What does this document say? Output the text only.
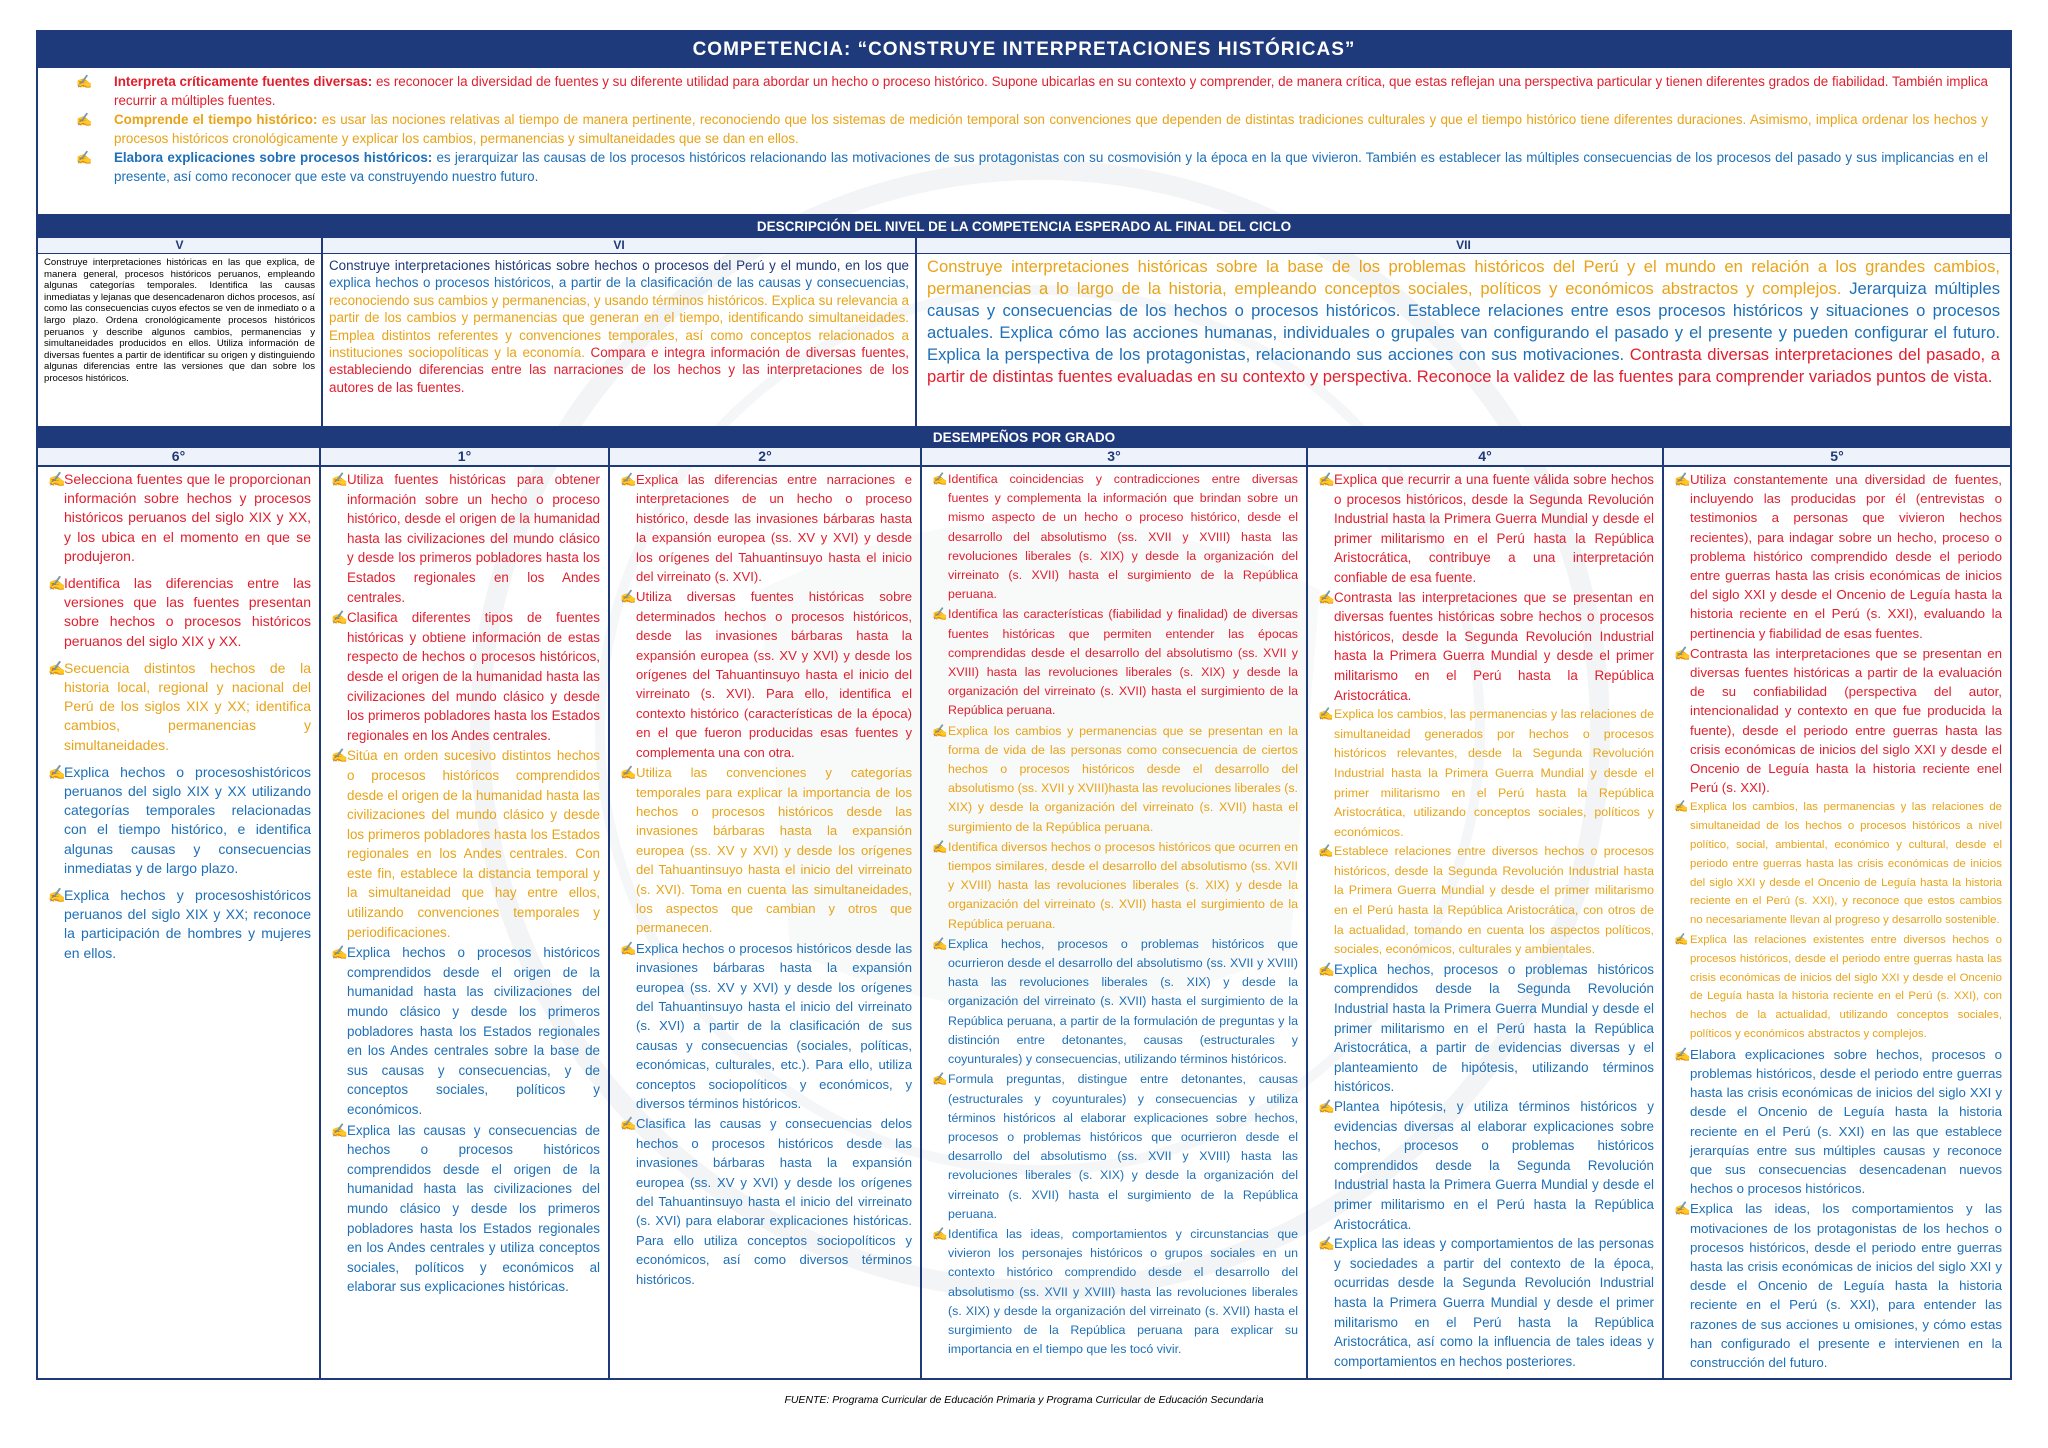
COMPETENCIA: “CONSTRUYE INTERPRETACIONES HISTÓRICAS”
✍ Interpreta críticamente fuentes diversas: es reconocer la diversidad de fuentes y su diferente utilidad para abordar un hecho o proceso histórico. Supone ubicarlas en su contexto y comprender, de manera crítica, que estas reflejan una perspectiva particular y tienen diferentes grados de fiabilidad. También implica recurrir a múltiples fuentes.
✍ Comprende el tiempo histórico: es usar las nociones relativas al tiempo de manera pertinente, reconociendo que los sistemas de medición temporal son convenciones que dependen de distintas tradiciones culturales y que el tiempo histórico tiene diferentes duraciones. Asimismo, implica ordenar los hechos y procesos históricos cronológicamente y explicar los cambios, permanencias y simultaneidades que se dan en ellos.
✍ Elabora explicaciones sobre procesos históricos: es jerarquizar las causas de los procesos históricos relacionando las motivaciones de sus protagonistas con su cosmovisión y la época en la que vivieron. También es establecer las múltiples consecuencias de los procesos del pasado y sus implicancias en el presente, así como reconocer que este va construyendo nuestro futuro.
DESCRIPCIÓN DEL NIVEL DE LA COMPETENCIA ESPERADO AL FINAL DEL CICLO
V
Construye interpretaciones históricas en las que explica, de manera general, procesos históricos peruanos, empleando algunas categorías temporales. Identifica las causas inmediatas y lejanas que desencadenaron dichos procesos, así como las consecuencias cuyos efectos se ven de inmediato o a largo plazo. Ordena cronológicamente procesos históricos peruanos y describe algunos cambios, permanencias y simultaneidades producidos en ellos. Utiliza información de diversas fuentes a partir de identificar su origen y distinguiendo algunas diferencias entre las versiones que dan sobre los procesos históricos.
VI
Construye interpretaciones históricas sobre hechos o procesos del Perú y el mundo, en los que explica hechos o procesos históricos, a partir de la clasificación de las causas y consecuencias, reconociendo sus cambios y permanencias, y usando términos históricos. Explica su relevancia a partir de los cambios y permanencias que generan en el tiempo, identificando simultaneidades. Emplea distintos referentes y convenciones temporales, así como conceptos relacionados a instituciones sociopolíticas y la economía. Compara e integra información de diversas fuentes, estableciendo diferencias entre las narraciones de los hechos y las interpretaciones de los autores de las fuentes.
VII
Construye interpretaciones históricas sobre la base de los problemas históricos del Perú y el mundo en relación a los grandes cambios, permanencias a lo largo de la historia, empleando conceptos sociales, políticos y económicos abstractos y complejos. Jerarquiza múltiples causas y consecuencias de los hechos o procesos históricos. Establece relaciones entre esos procesos históricos y situaciones o procesos actuales. Explica cómo las acciones humanas, individuales o grupales van configurando el pasado y el presente y pueden configurar el futuro. Explica la perspectiva de los protagonistas, relacionando sus acciones con sus motivaciones. Contrasta diversas interpretaciones del pasado, a partir de distintas fuentes evaluadas en su contexto y perspectiva. Reconoce la validez de las fuentes para comprender variados puntos de vista.
DESEMPEÑOS POR GRADO
6°
✍
Selecciona fuentes que le proporcionan información sobre hechos y procesos históricos peruanos del siglo XIX y XX, y los ubica en el momento en que se produjeron.
✍
Identifica las diferencias entre las versiones que las fuentes presentan sobre hechos o procesos históricos peruanos del siglo XIX y XX.
✍
Secuencia distintos hechos de la historia local, regional y nacional del Perú de los siglos XIX y XX; identifica cambios, permanencias y simultaneidades.
✍
Explica hechos o procesoshistóricos peruanos del siglo XIX y XX utilizando categorías temporales relacionadas con el tiempo histórico, e identifica algunas causas y consecuencias inmediatas y de largo plazo.
✍
Explica hechos y procesoshistóricos peruanos del siglo XIX y XX; reconoce la participación de hombres y mujeres en ellos.
1°
✍ Utiliza fuentes históricas para obtener información sobre un hecho o proceso histórico, desde el origen de la humanidad hasta las civilizaciones del mundo clásico y desde los primeros pobladores hasta los Estados regionales en los Andes centrales.
✍ Clasifica diferentes tipos de fuentes históricas y obtiene información de estas respecto de hechos o procesos históricos, desde el origen de la humanidad hasta las civilizaciones del mundo clásico y desde los primeros pobladores hasta los Estados regionales en los Andes centrales.
✍ Sitúa en orden sucesivo distintos hechos o procesos históricos comprendidos desde el origen de la humanidad hasta las civilizaciones del mundo clásico y desde los primeros pobladores hasta los Estados regionales en los Andes centrales. Con este fin, establece la distancia temporal y la simultaneidad que hay entre ellos, utilizando convenciones temporales y periodificaciones.
✍ Explica hechos o procesos históricos comprendidos desde el origen de la humanidad hasta las civilizaciones del mundo clásico y desde los primeros pobladores hasta los Estados regionales en los Andes centrales sobre la base de sus causas y consecuencias, y de conceptos sociales, políticos y económicos.
✍ Explica las causas y consecuencias de hechos o procesos históricos comprendidos desde el origen de la humanidad hasta las civilizaciones del mundo clásico y desde los primeros pobladores hasta los Estados regionales en los Andes centrales y utiliza conceptos sociales, políticos y económicos al elaborar sus explicaciones históricas.
2°
✍ Explica las diferencias entre narraciones e interpretaciones de un hecho o proceso histórico, desde las invasiones bárbaras hasta la expansión europea (ss. XV y XVI) y desde los orígenes del Tahuantinsuyo hasta el inicio del virreinato (s. XVI).
✍ Utiliza diversas fuentes históricas sobre determinados hechos o procesos históricos, desde las invasiones bárbaras hasta la expansión europea (ss. XV y XVI) y desde los orígenes del Tahuantinsuyo hasta el inicio del virreinato (s. XVI). Para ello, identifica el contexto histórico (características de la época) en el que fueron producidas esas fuentes y complementa una con otra.
✍ Utiliza las convenciones y categorías temporales para explicar la importancia de los hechos o procesos históricos desde las invasiones bárbaras hasta la expansión europea (ss. XV y XVI) y desde los orígenes del Tahuantinsuyo hasta el inicio del virreinato (s. XVI). Toma en cuenta las simultaneidades, los aspectos que cambian y otros que permanecen.
✍ Explica hechos o procesos históricos desde las invasiones bárbaras hasta la expansión europea (ss. XV y XVI) y desde los orígenes del Tahuantinsuyo hasta el inicio del virreinato (s. XVI) a partir de la clasificación de sus causas y consecuencias (sociales, políticas, económicas, culturales, etc.). Para ello, utiliza conceptos sociopolíticos y económicos, y diversos términos históricos.
✍ Clasifica las causas y consecuencias delos hechos o procesos históricos desde las invasiones bárbaras hasta la expansión europea (ss. XV y XVI) y desde los orígenes del Tahuantinsuyo hasta el inicio del virreinato (s. XVI) para elaborar explicaciones históricas. Para ello utiliza conceptos sociopolíticos y económicos, así como diversos términos históricos.
3°
✍ Identifica coincidencias y contradicciones entre diversas fuentes y complementa la información que brindan sobre un mismo aspecto de un hecho o proceso histórico, desde el desarrollo del absolutismo (ss. XVII y XVIII) hasta las revoluciones liberales (s. XIX) y desde la organización del virreinato (s. XVII) hasta el surgimiento de la República peruana.
✍ Identifica las características (fiabilidad y finalidad) de diversas fuentes históricas que permiten entender las épocas comprendidas desde el desarrollo del absolutismo (ss. XVII y XVIII) hasta las revoluciones liberales (s. XIX) y desde la organización del virreinato (s. XVII) hasta el surgimiento de la República peruana.
✍ Explica los cambios y permanencias que se presentan en la forma de vida de las personas como consecuencia de ciertos hechos o procesos históricos desde el desarrollo del absolutismo (ss. XVII y XVIII)hasta las revoluciones liberales (s. XIX) y desde la organización del virreinato (s. XVII) hasta el surgimiento de la República peruana.
✍ Identifica diversos hechos o procesos históricos que ocurren en tiempos similares, desde el desarrollo del absolutismo (ss. XVII y XVIII) hasta las revoluciones liberales (s. XIX) y desde la organización del virreinato (s. XVII) hasta el surgimiento de la República peruana.
✍ Explica hechos, procesos o problemas históricos que ocurrieron desde el desarrollo del absolutismo (ss. XVII y XVIII) hasta las revoluciones liberales (s. XIX) y desde la organización del virreinato (s. XVII) hasta el surgimiento de la República peruana, a partir de la formulación de preguntas y la distinción entre detonantes, causas (estructurales y coyunturales) y consecuencias, utilizando términos históricos.
✍ Formula preguntas, distingue entre detonantes, causas (estructurales y coyunturales) y consecuencias y utiliza términos históricos al elaborar explicaciones sobre hechos, procesos o problemas históricos que ocurrieron desde el desarrollo del absolutismo (ss. XVII y XVIII) hasta las revoluciones liberales (s. XIX) y desde la organización del virreinato (s. XVII) hasta el surgimiento de la República peruana.
✍ Identifica las ideas, comportamientos y circunstancias que vivieron los personajes históricos o grupos sociales en un contexto histórico comprendido desde el desarrollo del absolutismo (ss. XVII y XVIII) hasta las revoluciones liberales (s. XIX) y desde la organización del virreinato (s. XVII) hasta el surgimiento de la República peruana para explicar su importancia en el tiempo que les tocó vivir.
4°
✍ Explica que recurrir a una fuente válida sobre hechos o procesos históricos, desde la Segunda Revolución Industrial hasta la Primera Guerra Mundial y desde el primer militarismo en el Perú hasta la República Aristocrática, contribuye a una interpretación confiable de esa fuente.
✍ Contrasta las interpretaciones que se presentan en diversas fuentes históricas sobre hechos o procesos históricos, desde la Segunda Revolución Industrial hasta la Primera Guerra Mundial y desde el primer militarismo en el Perú hasta la República Aristocrática.
✍ Explica los cambios, las permanencias y las relaciones de simultaneidad generados por hechos o procesos históricos relevantes, desde la Segunda Revolución Industrial hasta la Primera Guerra Mundial y desde el primer militarismo en el Perú hasta la República Aristocrática, utilizando conceptos sociales, políticos y económicos.
✍ Establece relaciones entre diversos hechos o procesos históricos, desde la Segunda Revolución Industrial hasta la Primera Guerra Mundial y desde el primer militarismo en el Perú hasta la República Aristocrática, con otros de la actualidad, tomando en cuenta los aspectos políticos, sociales, económicos, culturales y ambientales.
✍ Explica hechos, procesos o problemas históricos comprendidos desde la Segunda Revolución Industrial hasta la Primera Guerra Mundial y desde el primer militarismo en el Perú hasta la República Aristocrática, a partir de evidencias diversas y el planteamiento de hipótesis, utilizando términos históricos.
✍ Plantea hipótesis, y utiliza términos históricos y evidencias diversas al elaborar explicaciones sobre hechos, procesos o problemas históricos comprendidos desde la Segunda Revolución Industrial hasta la Primera Guerra Mundial y desde el primer militarismo en el Perú hasta la República Aristocrática.
✍ Explica las ideas y comportamientos de las personas y sociedades a partir del contexto de la época, ocurridas desde la Segunda Revolución Industrial hasta la Primera Guerra Mundial y desde el primer militarismo en el Perú hasta la República Aristocrática, así como la influencia de tales ideas y comportamientos en hechos posteriores.
5°
✍ Utiliza constantemente una diversidad de fuentes, incluyendo las producidas por él (entrevistas o testimonios a personas que vivieron hechos recientes), para indagar sobre un hecho, proceso o problema histórico comprendido desde el periodo entre guerras hasta las crisis económicas de inicios del siglo XXI y desde el Oncenio de Leguía hasta la historia reciente en el Perú (s. XXI), evaluando la pertinencia y fiabilidad de esas fuentes.
✍ Contrasta las interpretaciones que se presentan en diversas fuentes históricas a partir de la evaluación de su confiabilidad (perspectiva del autor, intencionalidad y contexto en que fue producida la fuente), desde el periodo entre guerras hasta las crisis económicas de inicios del siglo XXI y desde el Oncenio de Leguía hasta la historia reciente enel Perú (s. XXI).
✍ Explica los cambios, las permanencias y las relaciones de simultaneidad de los hechos o procesos históricos a nivel político, social, ambiental, económico y cultural, desde el periodo entre guerras hasta las crisis económicas de inicios del siglo XXI y desde el Oncenio de Leguía hasta la historia reciente en el Perú (s. XXI), y reconoce que estos cambios no necesariamente llevan al progreso y desarrollo sostenible.
✍ Explica las relaciones existentes entre diversos hechos o procesos históricos, desde el periodo entre guerras hasta las crisis económicas de inicios del siglo XXI y desde el Oncenio de Leguía hasta la historia reciente en el Perú (s. XXI), con hechos de la actualidad, utilizando conceptos sociales, políticos y económicos abstractos y complejos.
✍ Elabora explicaciones sobre hechos, procesos o problemas históricos, desde el periodo entre guerras hasta las crisis económicas de inicios del siglo XXI y desde el Oncenio de Leguía hasta la historia reciente en el Perú (s. XXI) en las que establece jerarquías entre sus múltiples causas y reconoce que sus consecuencias desencadenan nuevos hechos o procesos históricos.
✍ Explica las ideas, los comportamientos y las motivaciones de los protagonistas de los hechos o procesos históricos, desde el periodo entre guerras hasta las crisis económicas de inicios del siglo XXI y desde el Oncenio de Leguía hasta la historia reciente en el Perú (s. XXI), para entender las razones de sus acciones u omisiones, y cómo estas han configurado el presente e intervienen en la construcción del futuro.
FUENTE: Programa Curricular de Educación Primaria y Programa Curricular de Educación Secundaria
